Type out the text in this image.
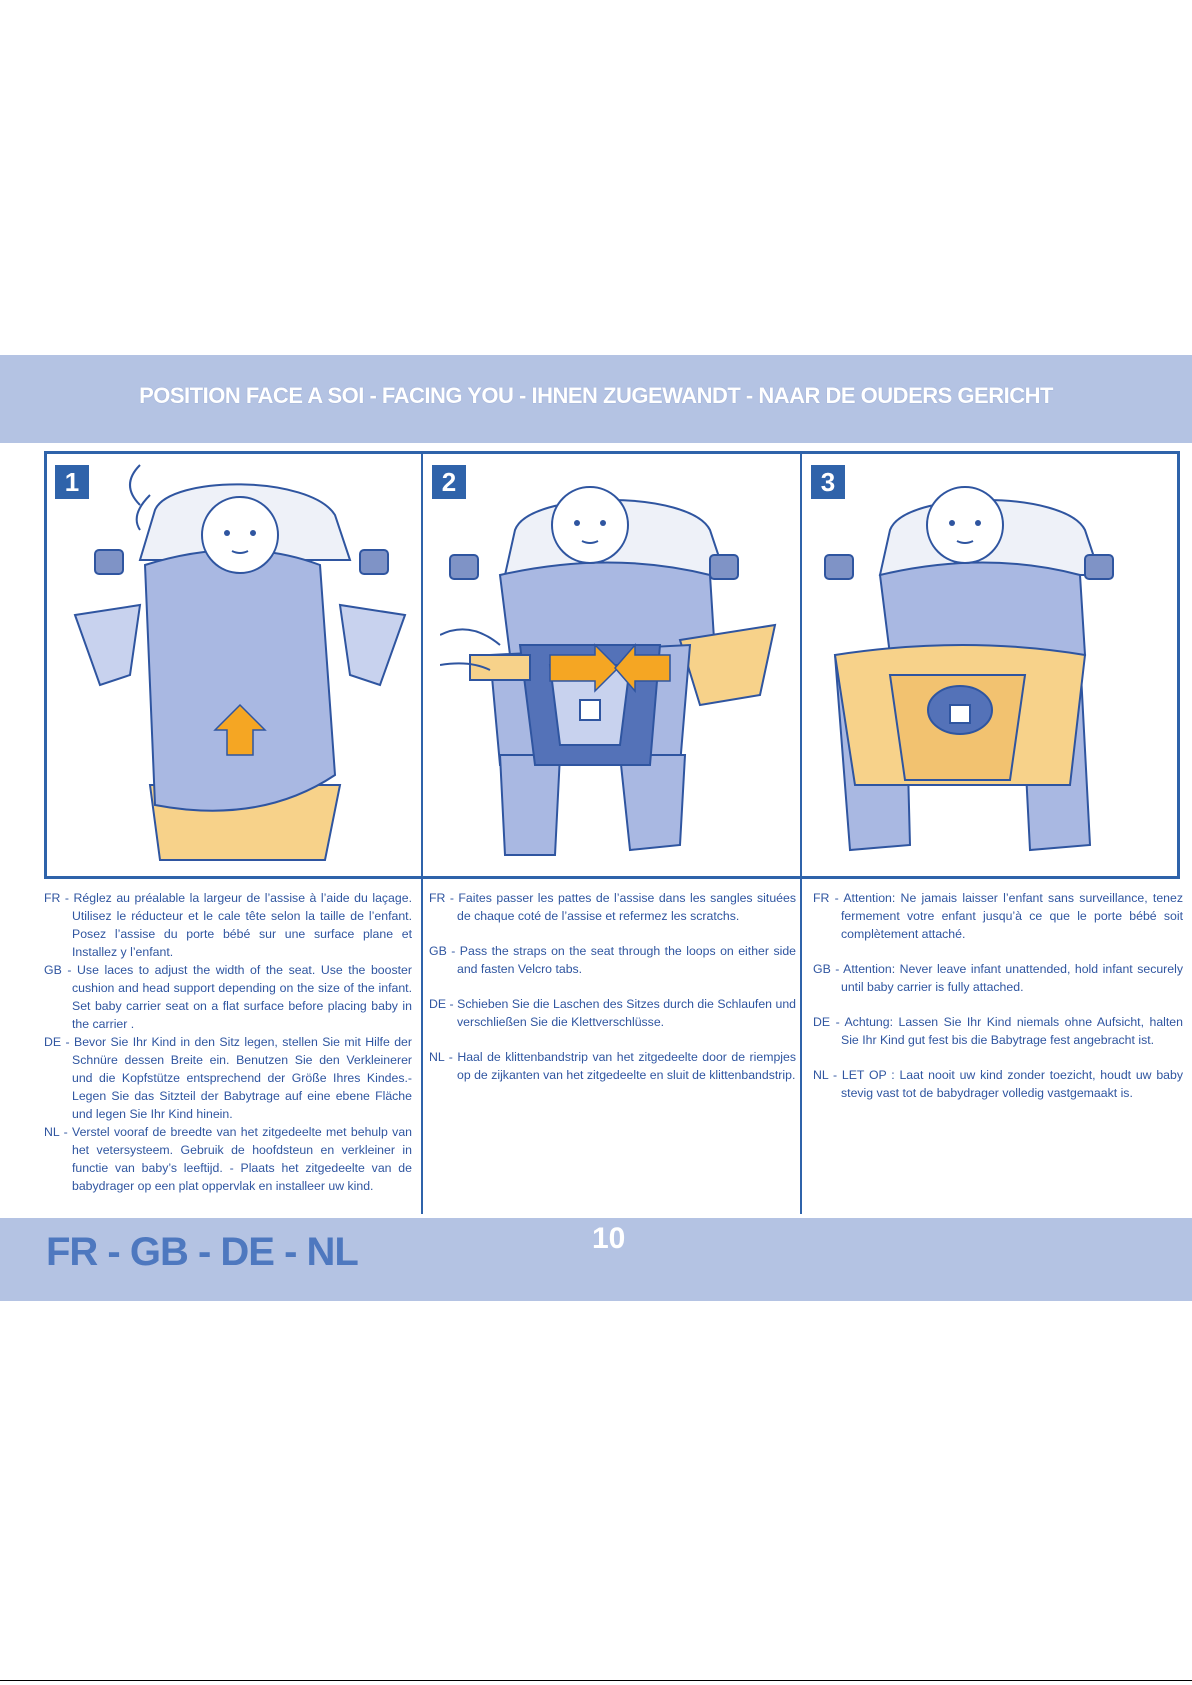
POSITION FACE A SOI - FACING YOU - IHNEN ZUGEWANDT - NAAR DE OUDERS GERICHT
1	2	3

FR - Réglez au préalable la largeur de l’assise à l’aide du laçage. Utilisez le réducteur et le cale tête selon la taille de l’enfant. Posez l’assise du porte bébé sur une surface plane et Installez y l’enfant.

GB - Use laces to adjust the width of the seat. Use the booster cushion and head support depending on the size of the infant. Set baby carrier seat on a flat surface before placing baby in the carrier .

DE - Bevor Sie Ihr Kind in den Sitz legen, stellen Sie mit Hilfe der Schnüre dessen Breite ein. Benutzen Sie den Verkleinerer und die Kopfstütze entsprechend der Größe Ihres Kindes.- Legen Sie das Sitzteil der Babytrage auf eine ebene Fläche und legen Sie Ihr Kind hinein.

NL - Verstel vooraf de breedte van het zitgedeelte met behulp van het vetersysteem. Gebruik de hoofdsteun en verkleiner in functie van baby’s leeftijd. - Plaats het zitgedeelte van de babydrager op een plat oppervlak en installeer uw kind.

FR - Faites passer les pattes de l’assise dans les sangles situées de chaque coté de l’assise et refermez les scratchs.

GB - Pass the straps on the seat through the loops on either side and fasten Velcro tabs.

DE - Schieben Sie die Laschen des Sitzes durch die Schlaufen und verschließen Sie die Klettverschlüsse.

NL - Haal de klittenbandstrip van het zitgedeelte door de riempjes op de zijkanten van het zitgedeelte en sluit de klittenbandstrip.

FR - Attention: Ne jamais laisser l’enfant sans surveillance, tenez fermement votre enfant jusqu’à ce que le porte bébé soit complètement attaché.

GB - Attention: Never leave infant unattended, hold infant securely until baby carrier is fully attached.

DE - Achtung: Lassen Sie Ihr Kind niemals ohne Aufsicht, halten Sie Ihr Kind gut fest bis die Babytrage fest angebracht ist.

NL - LET OP : Laat nooit uw kind zonder toezicht, houdt uw baby stevig vast tot de babydrager volledig vastgemaakt is.

FR - GB - DE - NL	10
